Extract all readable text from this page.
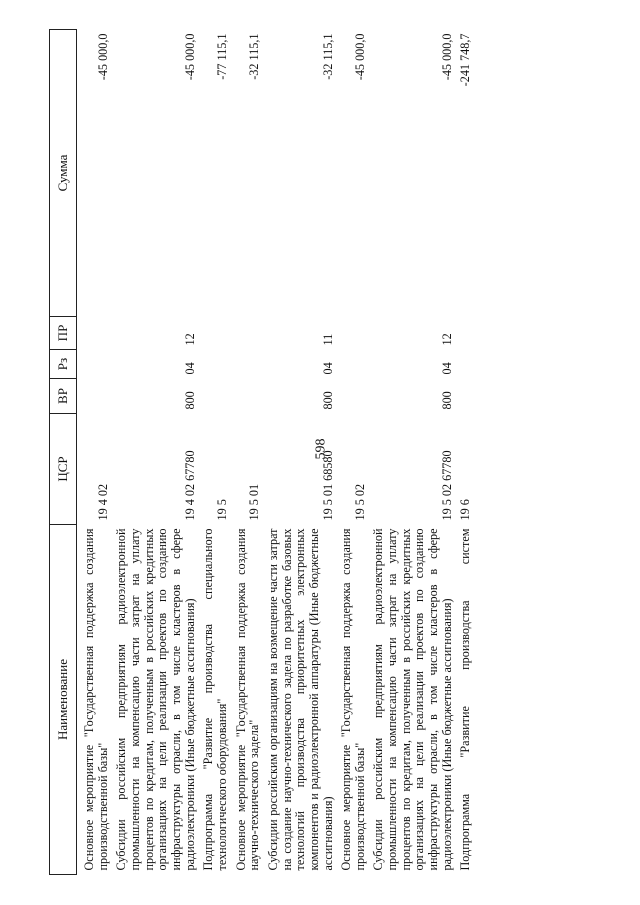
598
Наименование	ЦСР	ВР	Рз	ПР	Сумма
Основное мероприятие "Государственная поддержка создания производственной базы"	19 4 02				-45 000,0
Субсидии российским предприятиям радиоэлектронной промышленности на компенсацию части затрат на уплату процентов по кредитам, полученным в российских кредитных организациях на цели реализации проектов по созданию инфраструктуры отрасли, в том числе кластеров в сфере радиоэлектроники (Иные бюджетные ассигнования)	19 4 02 67780	800	04	12	-45 000,0
Подпрограмма "Развитие производства специального технологического оборудования"	19 5				-77 115,1
Основное мероприятие "Государственная поддержка создания научно-технического задела"	19 5 01				-32 115,1
Субсидии российским организациям на возмещение части затрат на создание научно-технического задела по разработке базовых технологий производства приоритетных электронных компонентов и радиоэлектронной аппаратуры (Иные бюджетные ассигнования)	19 5 01 68580	800	04	11	-32 115,1
Основное мероприятие "Государственная поддержка создания производственной базы"	19 5 02				-45 000,0
Субсидии российским предприятиям радиоэлектронной промышленности на компенсацию части затрат на уплату процентов по кредитам, полученным в российских кредитных организациях на цели реализации проектов по созданию инфраструктуры отрасли, в том числе кластеров в сфере радиоэлектроники (Иные бюджетные ассигнования)	19 5 02 67780	800	04	12	-45 000,0
Подпрограмма "Развитие производства систем	19 6				-241 748,7
